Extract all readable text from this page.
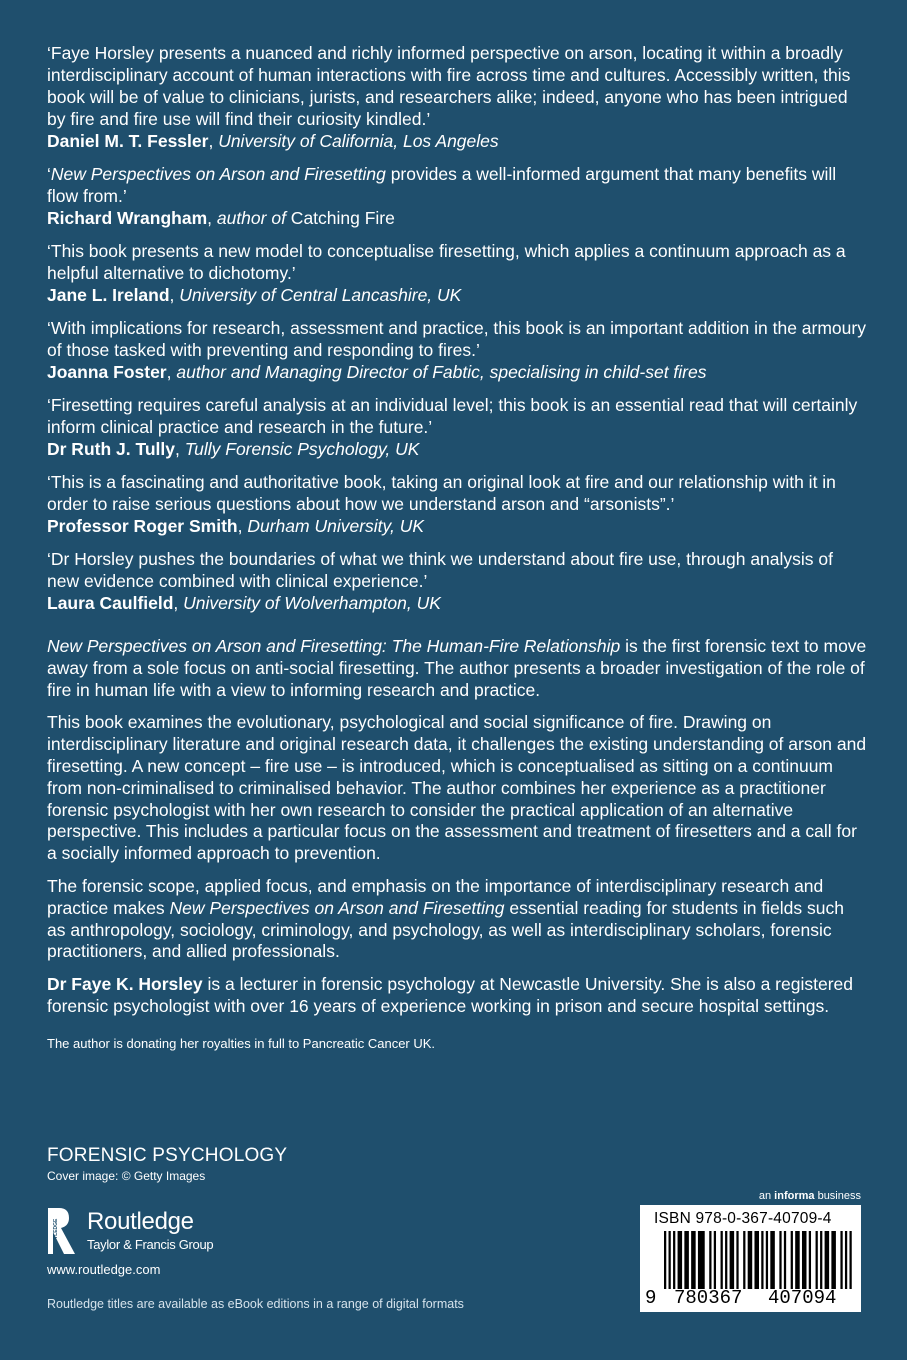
‘Faye Horsley presents a nuanced and richly informed perspective on arson, locating it within a broadly interdisciplinary account of human interactions with fire across time and cultures. Accessibly written, this book will be of value to clinicians, jurists, and researchers alike; indeed, anyone who has been intrigued by fire and fire use will find their curiosity kindled.’
Daniel M. T. Fessler, University of California, Los Angeles
‘New Perspectives on Arson and Firesetting provides a well-informed argument that many benefits will flow from.’
Richard Wrangham, author of Catching Fire
‘This book presents a new model to conceptualise firesetting, which applies a continuum approach as a helpful alternative to dichotomy.’
Jane L. Ireland, University of Central Lancashire, UK
‘With implications for research, assessment and practice, this book is an important addition in the armoury of those tasked with preventing and responding to fires.’
Joanna Foster, author and Managing Director of Fabtic, specialising in child-set fires
‘Firesetting requires careful analysis at an individual level; this book is an essential read that will certainly inform clinical practice and research in the future.’
Dr Ruth J. Tully, Tully Forensic Psychology, UK
‘This is a fascinating and authoritative book, taking an original look at fire and our relationship with it in order to raise serious questions about how we understand arson and “arsonists”.’
Professor Roger Smith, Durham University, UK
‘Dr Horsley pushes the boundaries of what we think we understand about fire use, through analysis of new evidence combined with clinical experience.’
Laura Caulfield, University of Wolverhampton, UK
New Perspectives on Arson and Firesetting: The Human-Fire Relationship is the first forensic text to move away from a sole focus on anti-social firesetting. The author presents a broader investigation of the role of fire in human life with a view to informing research and practice.
This book examines the evolutionary, psychological and social significance of fire. Drawing on interdisciplinary literature and original research data, it challenges the existing understanding of arson and firesetting. A new concept – fire use – is introduced, which is conceptualised as sitting on a continuum from non-criminalised to criminalised behavior. The author combines her experience as a practitioner forensic psychologist with her own research to consider the practical application of an alternative perspective. This includes a particular focus on the assessment and treatment of firesetters and a call for a socially informed approach to prevention.
The forensic scope, applied focus, and emphasis on the importance of interdisciplinary research and practice makes New Perspectives on Arson and Firesetting essential reading for students in fields such as anthropology, sociology, criminology, and psychology, as well as interdisciplinary scholars, forensic practitioners, and allied professionals.
Dr Faye K. Horsley is a lecturer in forensic psychology at Newcastle University. She is also a registered forensic psychologist with over 16 years of experience working in prison and secure hospital settings.
The author is donating her royalties in full to Pancreatic Cancer UK.
FORENSIC PSYCHOLOGY
Cover image: © Getty Images
ROUTLEDGE Routledge
Taylor & Francis Group
www.routledge.com
Routledge titles are available as eBook editions in a range of digital formats
an informa business
ISBN 978-0-367-40709-4
9 780367 407094
